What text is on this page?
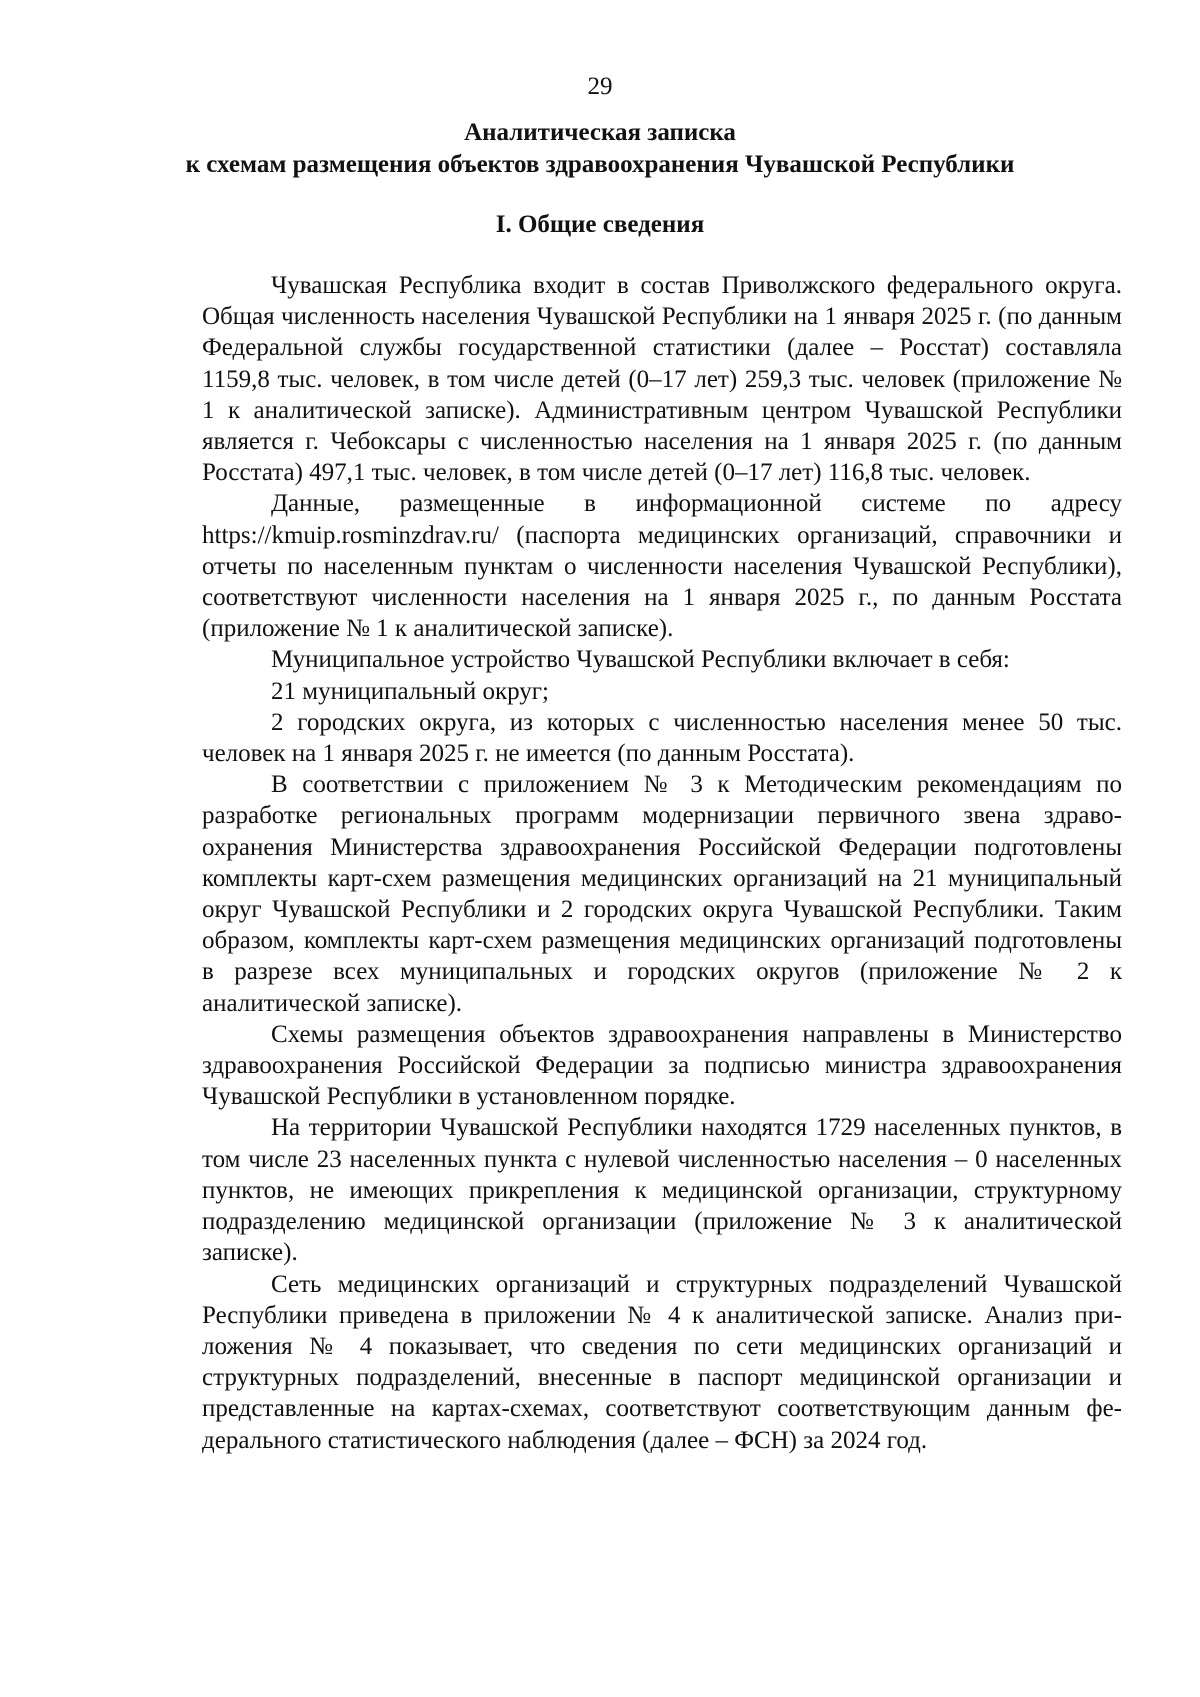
29
Аналитическая записка
к схемам размещения объектов здравоохранения Чувашской Республики
I. Общие сведения

Чувашская Республика входит в состав Приволжского федерального округа. Общая численность населения Чувашской Республики на 1 января 2025 г. (по данным Федеральной службы государственной статистики (далее – Росстат) составляла 1159,8 тыс. человек, в том числе детей (0–17 лет) 259,3 тыс. человек (приложение № 1 к аналитической записке). Административным центром Чувашской Республики является г. Чебоксары с численностью населения на 1 января 2025 г. (по данным Росстата) 497,1 тыс. человек, в том числе детей (0–17 лет) 116,8 тыс. человек.

Данные, размещенные в информационной системе по адресу https://kmuip.rosminzdrav.ru/ (паспорта медицинских организаций, справочники и отчеты по населенным пунктам о численности населения Чувашской Республики), соответствуют численности населения на 1 января 2025 г., по данным Росстата (приложение № 1 к аналитической записке).

Муниципальное устройство Чувашской Республики включает в себя:

21 муниципальный округ;

2 городских округа, из которых с численностью населения менее 50 тыс. человек на 1 января 2025 г. не имеется (по данным Росстата).

В соответствии с приложением № 3 к Методическим рекомендациям по разработке региональных программ модернизации первичного звена здравоохранения Министерства здравоохранения Российской Федерации подготовлены комплекты карт-схем размещения медицинских организаций на 21 муниципальный округ Чувашской Республики и 2 городских округа Чувашской Республики. Таким образом, комплекты карт-схем размещения медицинских организаций подготовлены в разрезе всех муниципальных и городских округов (приложение № 2 к аналитической записке).

Схемы размещения объектов здравоохранения направлены в Министерство здравоохранения Российской Федерации за подписью министра здравоохранения Чувашской Республики в установленном порядке.

На территории Чувашской Республики находятся 1729 населенных пунктов, в том числе 23 населенных пункта с нулевой численностью населения – 0 населенных пунктов, не имеющих прикрепления к медицинской организации, структурному подразделению медицинской организации (приложение № 3 к аналитической записке).

Сеть медицинских организаций и структурных подразделений Чувашской Республики приведена в приложении № 4 к аналитической записке. Анализ приложения № 4 показывает, что сведения по сети медицинских организаций и структурных подразделений, внесенные в паспорт медицинской организации и представленные на картах-схемах, соответствуют соответствующим данным федерального статистического наблюдения (далее – ФСН) за 2024 год.
